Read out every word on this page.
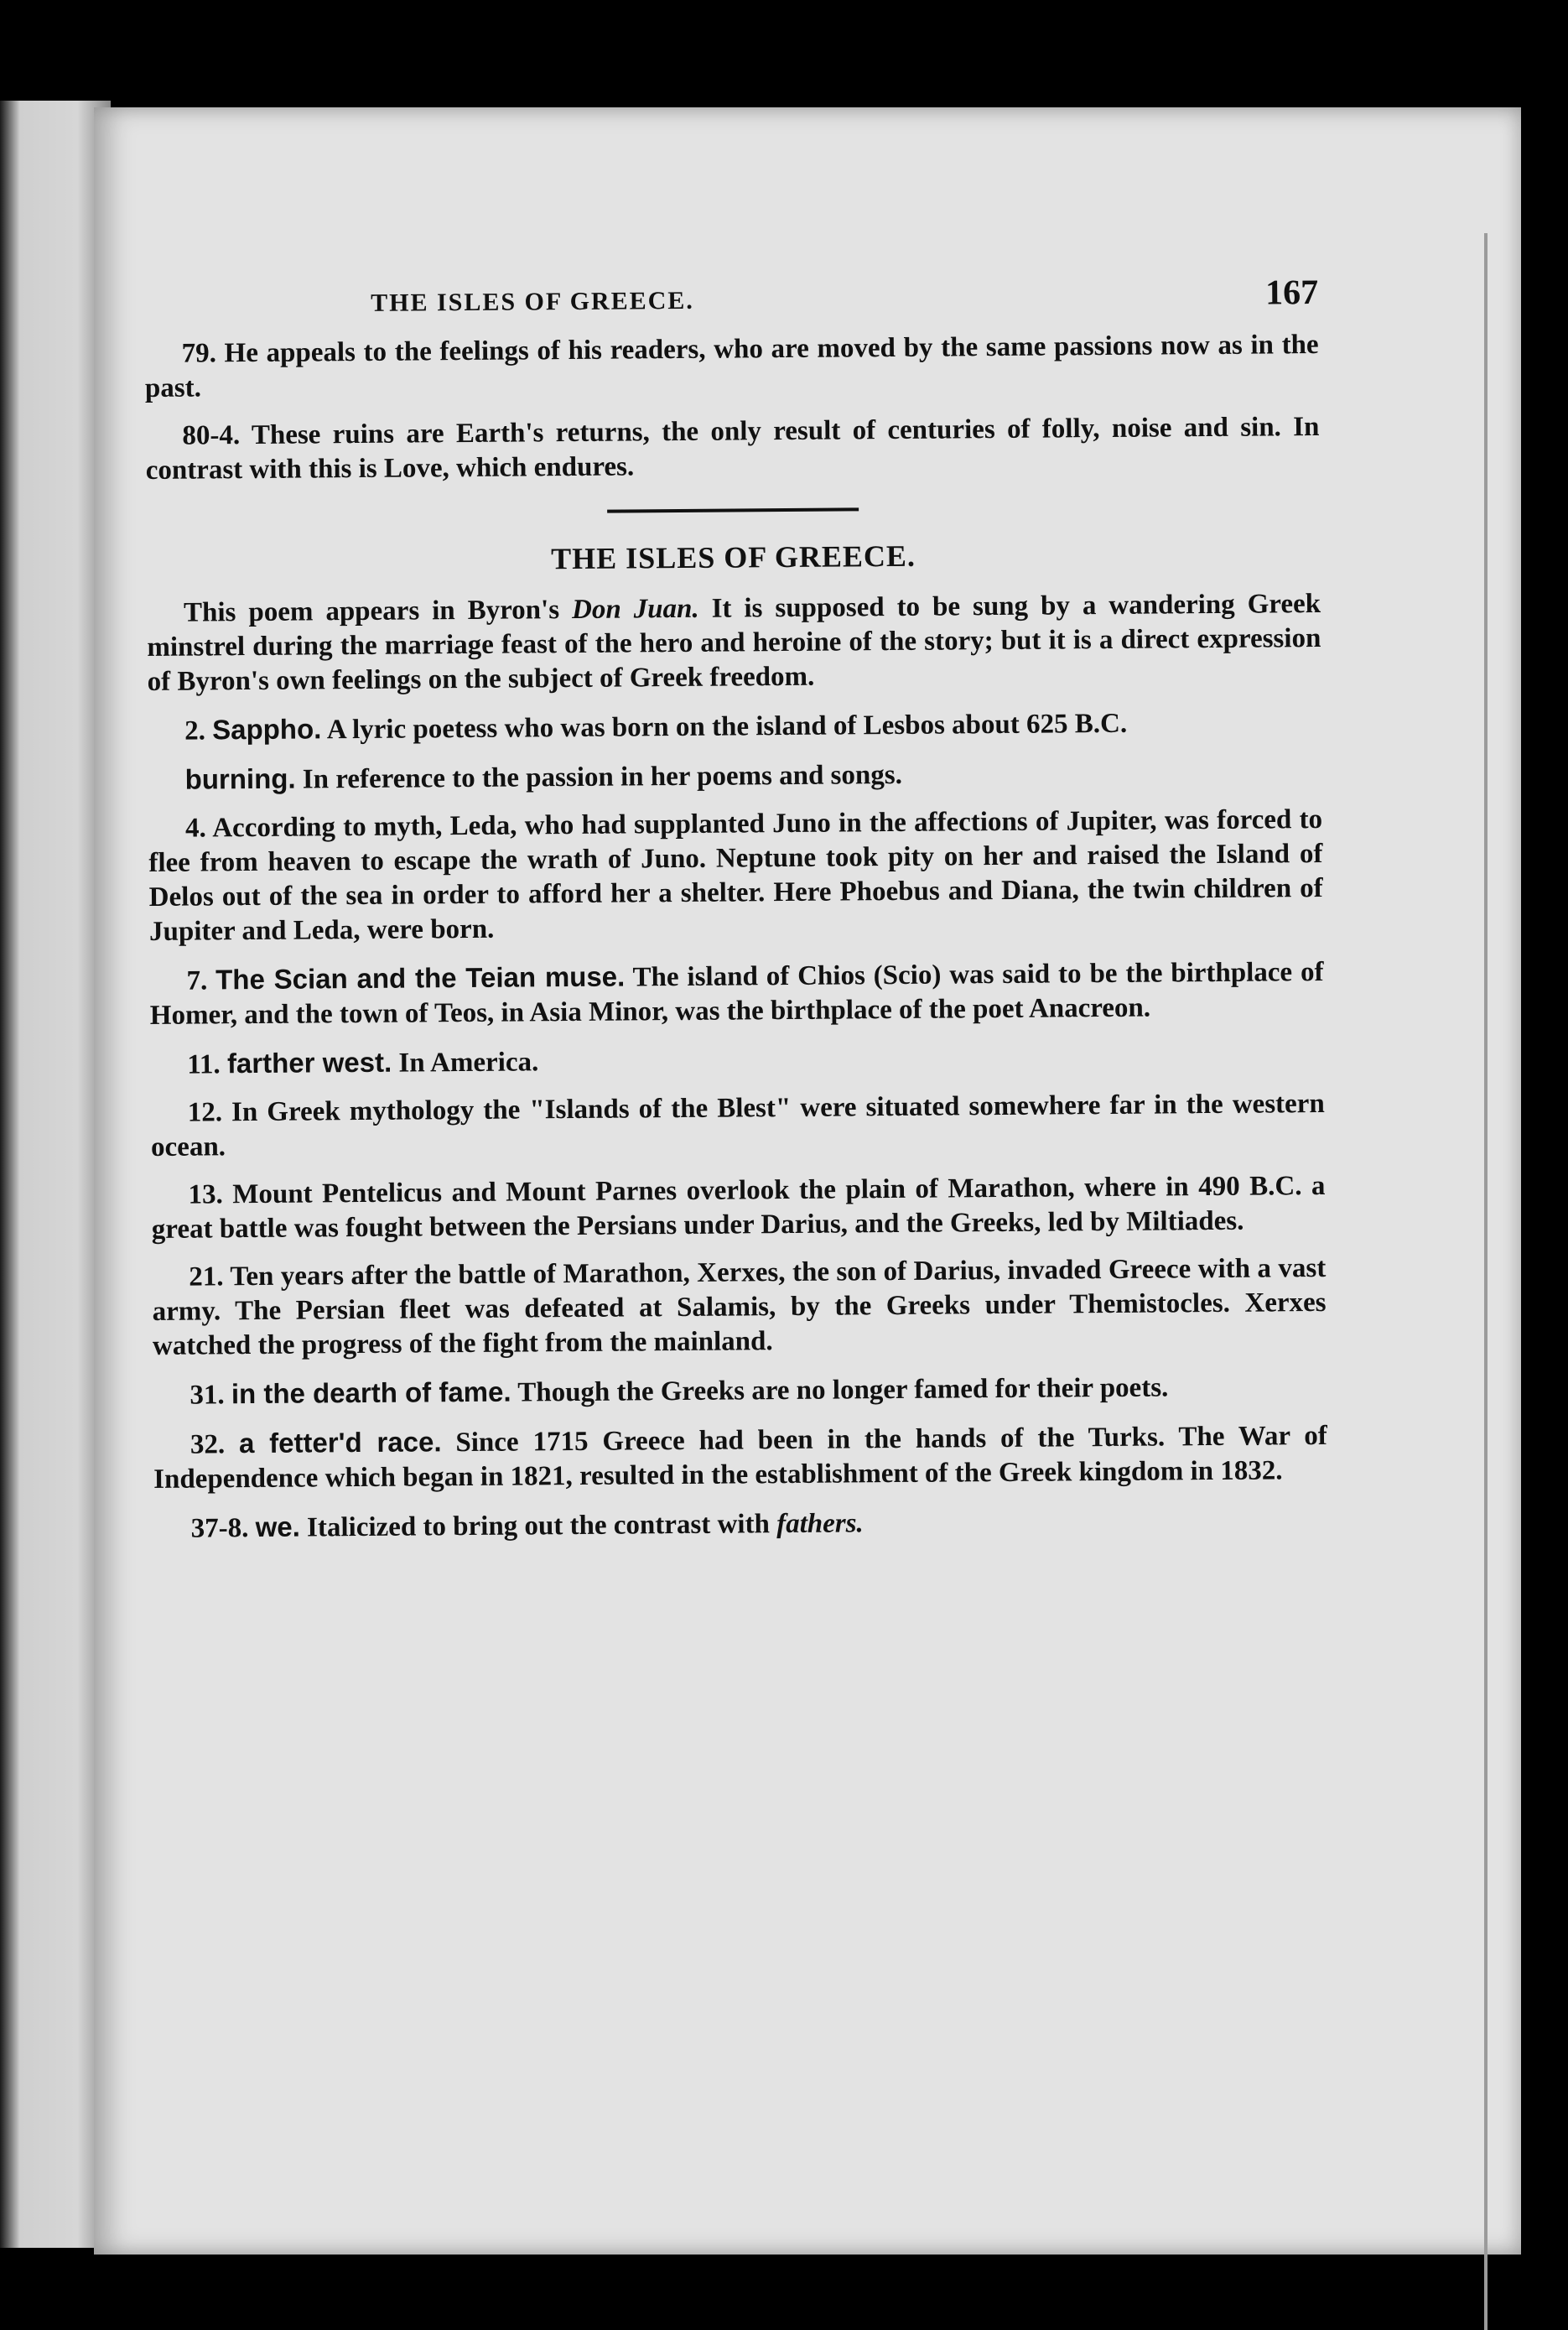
THE ISLES OF GREECE.	167

79. He appeals to the feelings of his readers, who are moved by the same passions now as in the past.

80-4. These ruins are Earth's returns, the only result of centuries of folly, noise and sin. In contrast with this is Love, which endures.

THE ISLES OF GREECE.

This poem appears in Byron's Don Juan. It is supposed to be sung by a wandering Greek minstrel during the marriage feast of the hero and heroine of the story; but it is a direct expression of Byron's own feelings on the subject of Greek freedom.

2. Sappho. A lyric poetess who was born on the island of Lesbos about 625 B.C.

burning. In reference to the passion in her poems and songs.

4. According to myth, Leda, who had supplanted Juno in the affections of Jupiter, was forced to flee from heaven to escape the wrath of Juno. Neptune took pity on her and raised the Island of Delos out of the sea in order to afford her a shelter. Here Phoebus and Diana, the twin children of Jupiter and Leda, were born.

7. The Scian and the Teian muse. The island of Chios (Scio) was said to be the birthplace of Homer, and the town of Teos, in Asia Minor, was the birthplace of the poet Anacreon.

11. farther west. In America.

12. In Greek mythology the "Islands of the Blest" were situated somewhere far in the western ocean.

13. Mount Pentelicus and Mount Parnes overlook the plain of Marathon, where in 490 B.C. a great battle was fought between the Persians under Darius, and the Greeks, led by Miltiades.

21. Ten years after the battle of Marathon, Xerxes, the son of Darius, invaded Greece with a vast army. The Persian fleet was defeated at Salamis, by the Greeks under Themistocles. Xerxes watched the progress of the fight from the mainland.

31. in the dearth of fame. Though the Greeks are no longer famed for their poets.

32. a fetter'd race. Since 1715 Greece had been in the hands of the Turks. The War of Independence which began in 1821, resulted in the establishment of the Greek kingdom in 1832.

37-8. we. Italicized to bring out the contrast with fathers.
